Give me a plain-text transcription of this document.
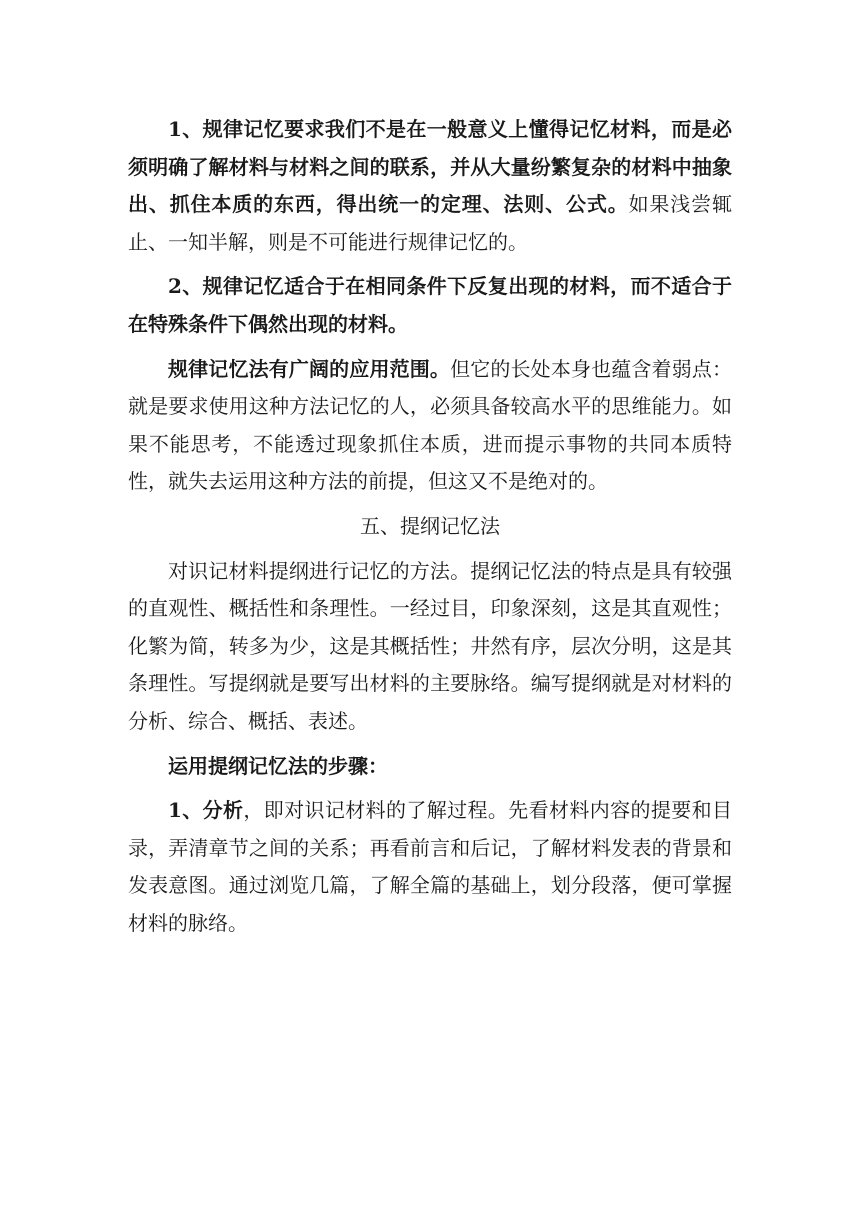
1、规律记忆要求我们不是在一般意义上懂得记忆材料，而是必须明确了解材料与材料之间的联系，并从大量纷繁复杂的材料中抽象出、抓住本质的东西，得出统一的定理、法则、公式。如果浅尝辄止、一知半解，则是不可能进行规律记忆的。

2、规律记忆适合于在相同条件下反复出现的材料，而不适合于在特殊条件下偶然出现的材料。

规律记忆法有广阔的应用范围。但它的长处本身也蕴含着弱点：就是要求使用这种方法记忆的人，必须具备较高水平的思维能力。如果不能思考，不能透过现象抓住本质，进而提示事物的共同本质特性，就失去运用这种方法的前提，但这又不是绝对的。

五、提纲记忆法

对识记材料提纲进行记忆的方法。提纲记忆法的特点是具有较强的直观性、概括性和条理性。一经过目，印象深刻，这是其直观性；化繁为简，转多为少，这是其概括性；井然有序，层次分明，这是其条理性。写提纲就是要写出材料的主要脉络。编写提纲就是对材料的分析、综合、概括、表述。

运用提纲记忆法的步骤：

1、分析，即对识记材料的了解过程。先看材料内容的提要和目录，弄清章节之间的关系；再看前言和后记，了解材料发表的背景和发表意图。通过浏览几篇，了解全篇的基础上，划分段落，便可掌握材料的脉络。
